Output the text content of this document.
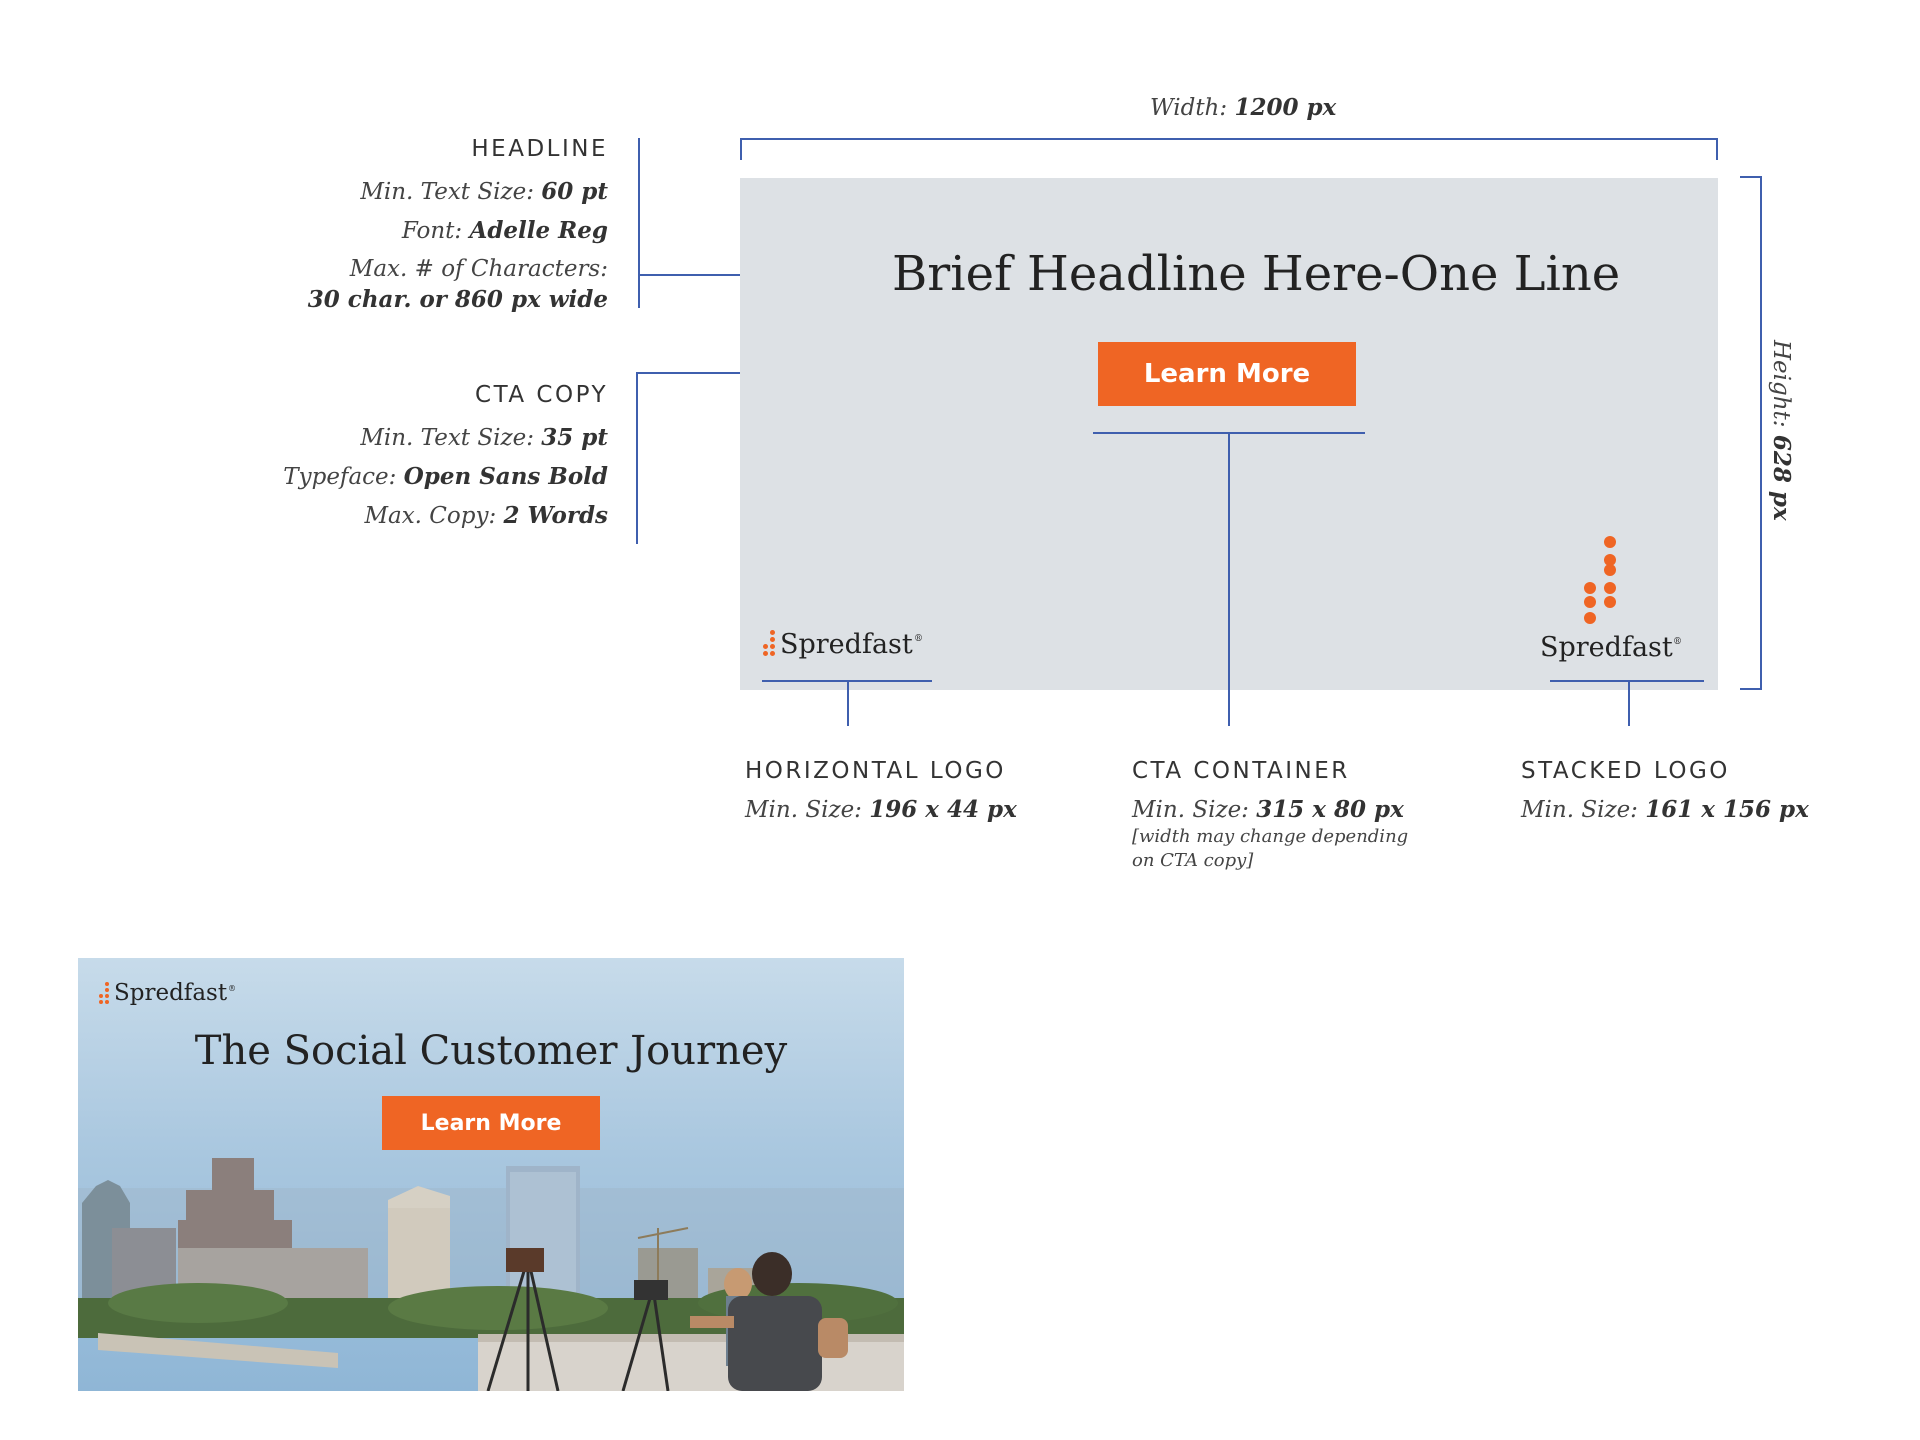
Width: 1200 px
Height: 628 px
HEADLINE
Min. Text Size: 60 pt
Font: Adelle Reg
Max. # of Characters:
30 char. or 860 px wide
CTA COPY
Min. Text Size: 35 pt
Typeface: Open Sans Bold
Max. Copy: 2 Words
Brief Headline Here-One Line
Learn More
Spredfast ®	Spredfast ®
HORIZONTAL LOGO
Min. Size: 196 x 44 px
CTA CONTAINER
Min. Size: 315 x 80 px
[width may change depending on CTA copy]
STACKED LOGO
Min. Size: 161 x 156 px
Spredfast ®
The Social Customer Journey
Learn More
